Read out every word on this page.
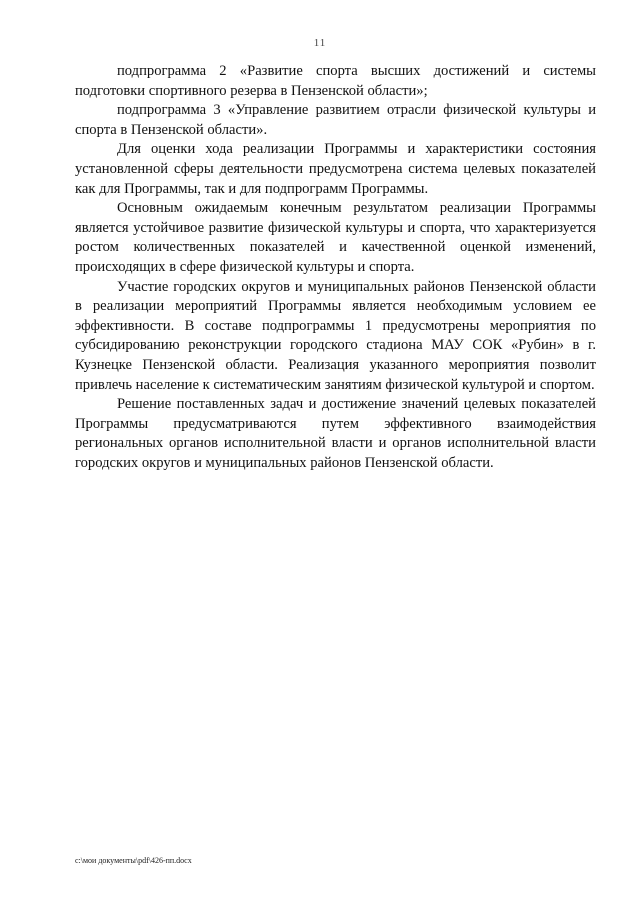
11

подпрограмма 2 «Развитие спорта высших достижений и системы подготовки спортивного резерва в Пензенской области»;

подпрограмма 3 «Управление развитием отрасли физической культуры и спорта в Пензенской области».

Для оценки хода реализации Программы и характеристики состояния установленной сферы деятельности предусмотрена система целевых показателей как для Программы, так и для подпрограмм Программы.

Основным ожидаемым конечным результатом реализации Программы является устойчивое развитие физической культуры и спорта, что характеризуется ростом количественных показателей и качественной оценкой изменений, происходящих в сфере физической культуры и спорта.

Участие городских округов и муниципальных районов Пензенской области в реализации мероприятий Программы является необходимым условием ее эффективности. В составе подпрограммы 1 предусмотрены мероприятия по субсидированию реконструкции городского стадиона МАУ СОК «Рубин» в г. Кузнецке Пензенской области. Реализация указанного мероприятия позволит привлечь население к систематическим занятиям физической культурой и спортом.

Решение поставленных задач и достижение значений целевых показателей Программы предусматриваются путем эффективного взаимодействия региональных органов исполнительной власти и органов исполнительной власти городских округов и муниципальных районов Пензенской области.

c:\мои документы\pdf\426-пп.docx
